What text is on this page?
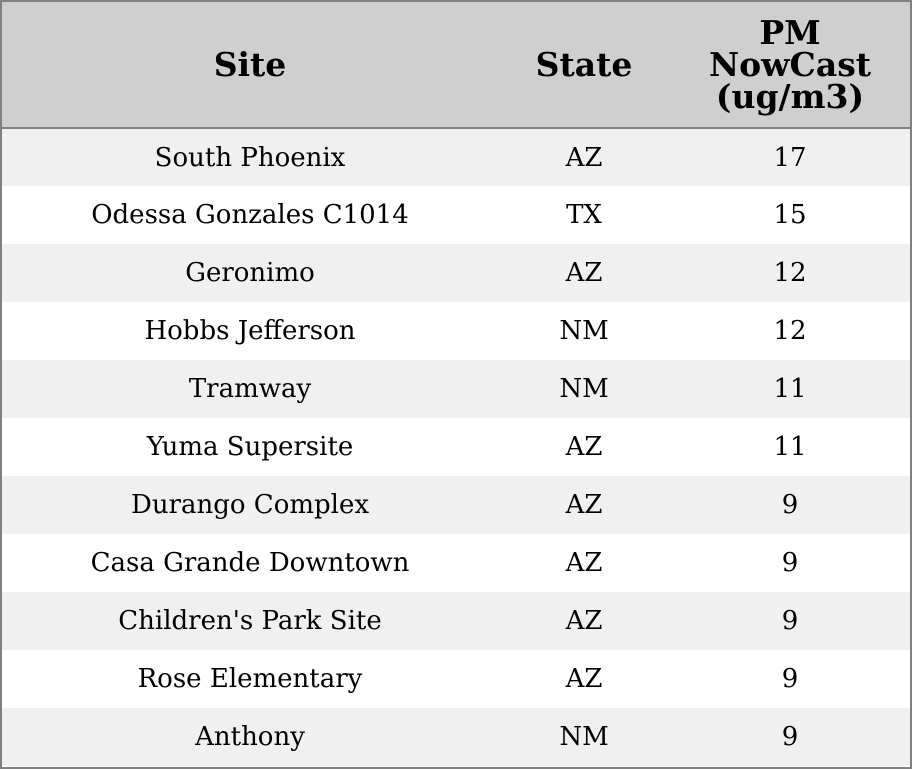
Site	State	PM
NowCast
(ug/m3)

South Phoenix	AZ	17
Odessa Gonzales C1014	TX	15
Geronimo	AZ	12
Hobbs Jefferson	NM	12
Tramway	NM	11
Yuma Supersite	AZ	11
Durango Complex	AZ	9
Casa Grande Downtown	AZ	9
Children's Park Site	AZ	9
Rose Elementary	AZ	9
Anthony	NM	9
